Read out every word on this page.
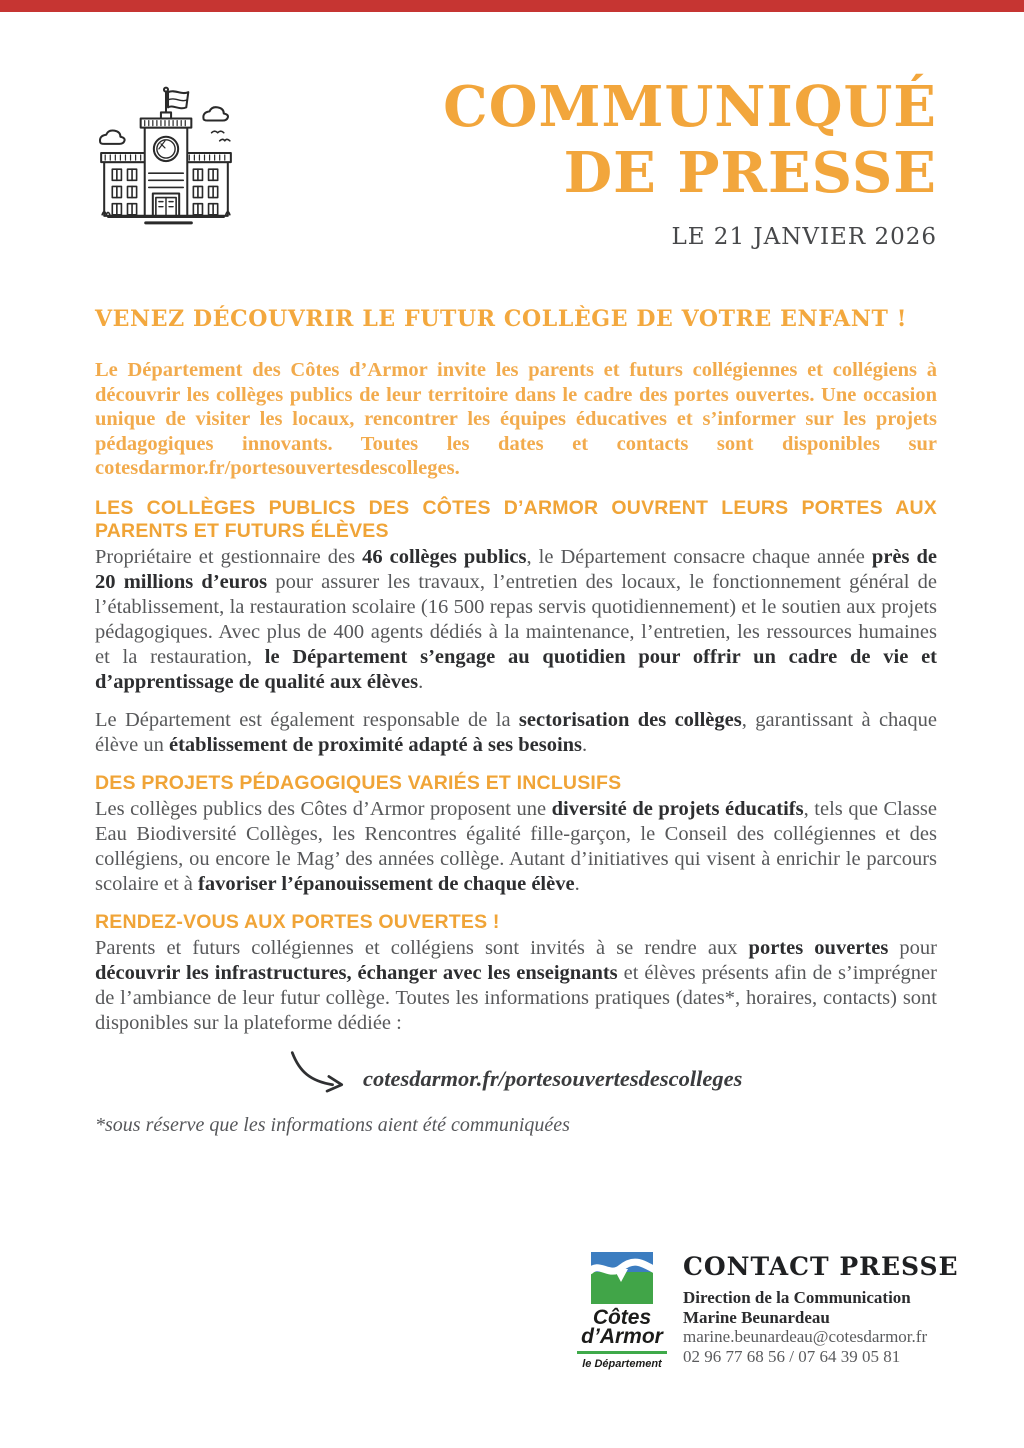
COMMUNIQUÉ
DE PRESSE
LE 21 JANVIER 2026
VENEZ DÉCOUVRIR LE FUTUR COLLÈGE DE VOTRE ENFANT !

Le Département des Côtes d’Armor invite les parents et futurs collégiennes et collégiens à découvrir les collèges publics de leur territoire dans le cadre des portes ouvertes. Une occasion unique de visiter les locaux, rencontrer les équipes éducatives et s’informer sur les projets pédagogiques innovants. Toutes les dates et contacts sont disponibles sur cotesdarmor.fr/portesouvertesdescolleges.

LES COLLÈGES PUBLICS DES CÔTES D’ARMOR OUVRENT LEURS PORTES AUX PARENTS ET FUTURS ÉLÈVES

Propriétaire et gestionnaire des 46 collèges publics, le Département consacre chaque année près de 20 millions d’euros pour assurer les travaux, l’entretien des locaux, le fonctionnement général de l’établissement, la restauration scolaire (16 500 repas servis quotidiennement) et le soutien aux projets pédagogiques. Avec plus de 400 agents dédiés à la maintenance, l’entretien, les ressources humaines et la restauration, le Département s’engage au quotidien pour offrir un cadre de vie et d’apprentissage de qualité aux élèves.

Le Département est également responsable de la sectorisation des collèges, garantissant à chaque élève un établissement de proximité adapté à ses besoins.

DES PROJETS PÉDAGOGIQUES VARIÉS ET INCLUSIFS

Les collèges publics des Côtes d’Armor proposent une diversité de projets éducatifs, tels que Classe Eau Biodiversité Collèges, les Rencontres égalité fille-garçon, le Conseil des collégiennes et des collégiens, ou encore le Mag’ des années collège. Autant d’initiatives qui visent à enrichir le parcours scolaire et à favoriser l’épanouissement de chaque élève.

RENDEZ-VOUS AUX PORTES OUVERTES !

Parents et futurs collégiennes et collégiens sont invités à se rendre aux portes ouvertes pour découvrir les infrastructures, échanger avec les enseignants et élèves présents afin de s’imprégner de l’ambiance de leur futur collège. Toutes les informations pratiques (dates*, horaires, contacts) sont disponibles sur la plateforme dédiée :

cotesdarmor.fr/portesouvertesdescolleges

*sous réserve que les informations aient été communiquées

Côtes
d’Armor
le Département
CONTACT PRESSE
Direction de la Communication
Marine Beunardeau
marine.beunardeau@cotesdarmor.fr
02 96 77 68 56 / 07 64 39 05 81
